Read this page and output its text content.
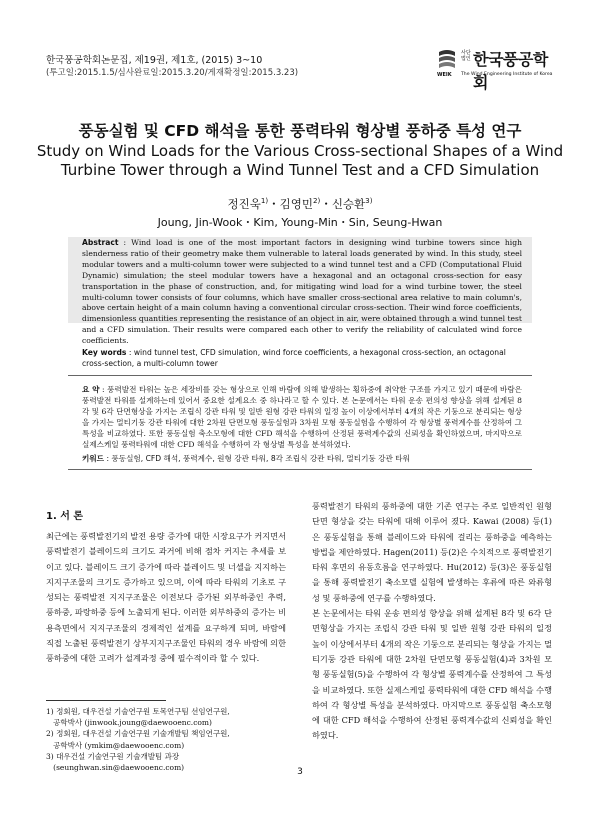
한국풍공학회논문집, 제19권, 제1호, (2015) 3~10
(투고일:2015.1.5/심사완료일:2015.3.20/게재확정일:2015.3.23)	WEIK
사단 법인 한국풍공학회
The Wind Engineering Institute of Korea
풍동실험 및 CFD 해석을 통한 풍력타워 형상별 풍하중 특성 연구
Study on Wind Loads for the Various Cross-sectional Shapes of a Wind Turbine Tower through a Wind Tunnel Test and a CFD Simulation
정진욱$^{1)}$・김영민$^{2)}$・신승환$^{3)}$
Joung, Jin-Wook・Kim, Young-Min・Sin, Seung-Hwan
Abstract : Wind load is one of the most important factors in designing wind turbine towers since high slenderness ratio of their geometry make them vulnerable to lateral loads generated by wind. In this study, steel modular towers and a multi-column tower were subjected to a wind tunnel test and a CFD (Computational Fluid Dynamic) simulation; the steel modular towers have a hexagonal and an octagonal cross-section for easy transportation in the phase of construction, and, for mitigating wind load for a wind turbine tower, the steel multi-column tower consists of four columns, which have smaller cross-sectional area relative to main column's, above certain height of a main column having a conventional circular cross-section. Their wind force coefficients, dimensionless quantities representing the resistance of an object in air, were obtained through a wind tunnel test and a CFD simulation. Their results were compared each other to verify the reliability of calculated wind force coefficients.
Key words : wind tunnel test, CFD simulation, wind force coefficients, a hexagonal cross-section, an octagonal cross-section, a multi-column tower
요 약 : 풍력발전 타워는 높은 세장비를 갖는 형상으로 인해 바람에 의해 발생하는 횡하중에 취약한 구조를 가지고 있기 때문에 바람은 풍력발전 타워를 설계하는데 있어서 중요한 설계요소 중 하나라고 할 수 있다. 본 논문에서는 타워 운송 편의성 향상을 위해 설계된 8각 및 6각 단면형상을 가지는 조립식 강관 타워 및 일반 원형 강관 타워의 일정 높이 이상에서부터 4개의 작은 기둥으로 분리되는 형상을 가지는 멀티기둥 강관 타워에 대한 2차원 단면모형 풍동실험과 3차원 모형 풍동실험을 수행하여 각 형상별 풍력계수를 산정하여 그 특성을 비교하였다. 또한 풍동실험 축소모형에 대한 CFD 해석을 수행하여 산정된 풍력계수값의 신뢰성을 확인하였으며, 마지막으로 실제스케일 풍력타워에 대한 CFD 해석을 수행하여 각 형상별 특성을 분석하였다.
키워드 : 풍동실험, CFD 해석, 풍력계수, 원형 강관 타워, 8각 조립식 강관 타워, 멀티기둥 강관 타워
1. 서 론
최근에는 풍력발전기의 발전 용량 증가에 대한 시장요구가 커지면서 풍력발전기 블레이드의 크기도 과거에 비해 점차 커지는 추세를 보이고 있다. 블레이드 크기 증가에 따라 블레이드 및 너셀을 지지하는 지지구조물의 크기도 증가하고 있으며, 이에 따라 타워의 기초로 구성되는 풍력발전 지지구조물은 이전보다 증가된 외부하중인 추력, 풍하중, 파랑하중 등에 노출되게 된다. 이러한 외부하중의 증가는 비용측면에서 지지구조물의 경제적인 설계를 요구하게 되며, 바람에 직접 노출된 풍력발전기 상부지지구조물인 타워의 경우 바람에 의한 풍하중에 대한 고려가 설계과정 중에 필수적이라 할 수 있다.
풍력발전기 타워의 풍하중에 대한 기존 연구는 주로 일반적인 원형 단면 형상을 갖는 타워에 대해 이루어 졌다. Kawai (2008) 등(1)은 풍동실험을 통해 블레이드와 타워에 걸리는 풍하중을 예측하는 방법을 제안하였다. Hagen(2011) 등(2)은 수치적으로 풍력발전기 타워 후면의 유동흐름을 연구하였다. Hu(2012) 등(3)은 풍동실험을 통해 풍력발전기 축소모델 실험에 발생하는 후류에 따른 와류형성 및 풍하중에 연구를 수행하였다.
본 논문에서는 타워 운송 편의성 향상을 위해 설계된 8각 및 6각 단면형상을 가지는 조립식 강관 타워 및 일반 원형 강관 타워의 일정 높이 이상에서부터 4개의 작은 기둥으로 분리되는 형상을 가지는 멀티기둥 강관 타워에 대한 2차원 단면모형 풍동실험(4)과 3차원 모형 풍동실험(5)을 수행하여 각 형상별 풍력계수를 산정하여 그 특성을 비교하였다. 또한 실제스케일 풍력타워에 대한 CFD 해석을 수행하여 각 형상별 특성을 분석하였다. 마지막으로 풍동실험 축소모형에 대한 CFD 해석을 수행하여 산정된 풍력계수값의 신뢰성을 확인하였다.
1) 정회원, 대우건설 기술연구원 토목연구팀 선임연구원,
공학박사 (jinwook.joung@daewooenc.com)
2) 정회원, 대우건설 기술연구원 기술개발팀 책임연구원,
공학박사 (ymkim@daewooenc.com)
3) 대우건설 기술연구원 기술개발팀 과장
(seunghwan.sin@daewooenc.com)	3
